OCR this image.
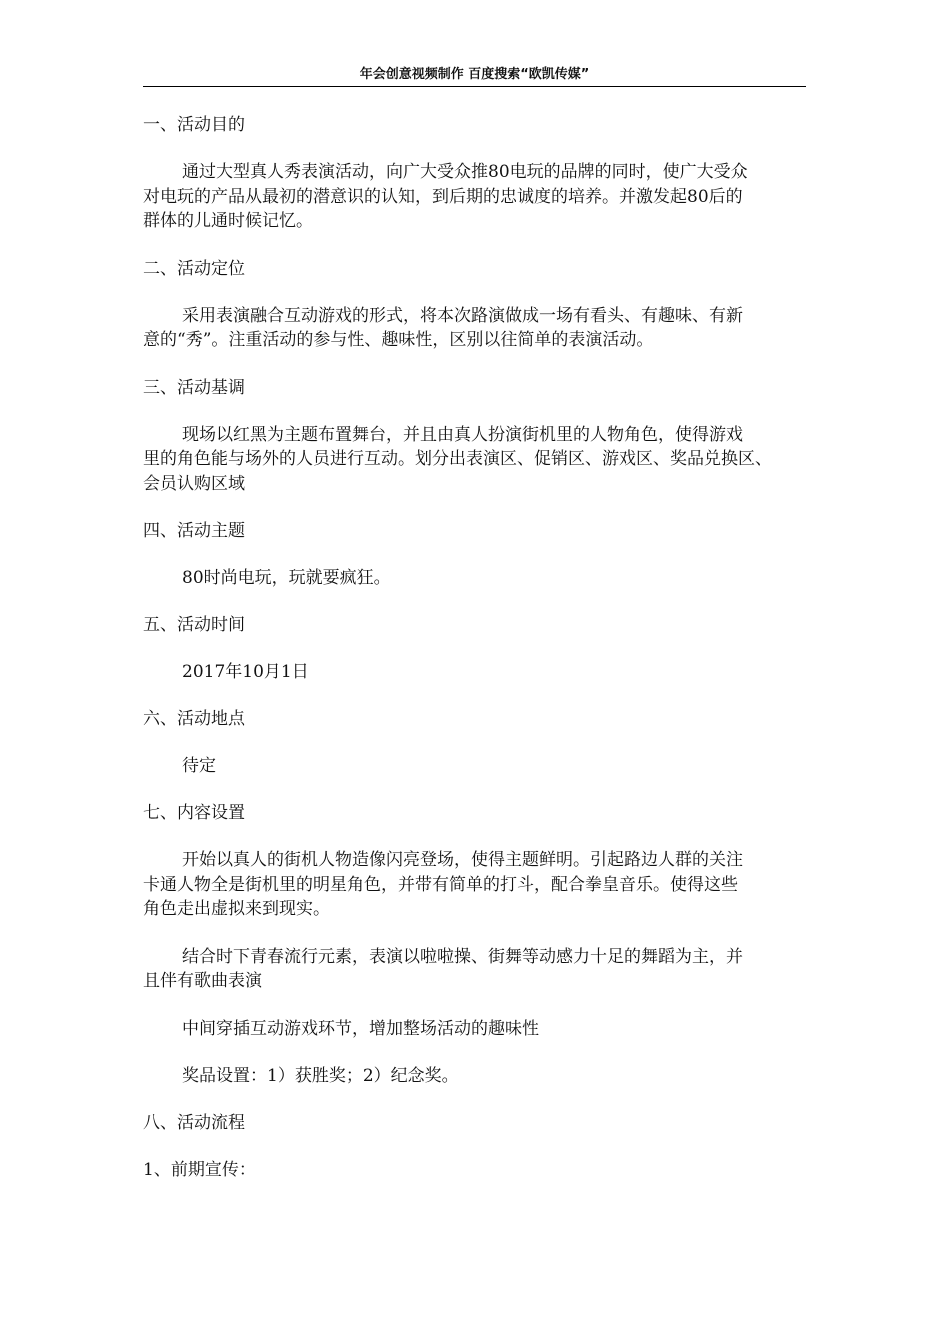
年会创意视频制作 百度搜索“欧凯传媒”
一、活动目的
通过大型真人秀表演活动，向广大受众推80电玩的品牌的同时，使广大受众
对电玩的产品从最初的潜意识的认知，到后期的忠诚度的培养。并激发起80后的
群体的儿通时候记忆。
二、活动定位
采用表演融合互动游戏的形式，将本次路演做成一场有看头、有趣味、有新
意的“秀”。注重活动的参与性、趣味性，区别以往简单的表演活动。
三、活动基调
现场以红黑为主题布置舞台，并且由真人扮演街机里的人物角色，使得游戏
里的角色能与场外的人员进行互动。划分出表演区、促销区、游戏区、奖品兑换区、
会员认购区域
四、活动主题
80时尚电玩，玩就要疯狂。
五、活动时间
2017年10月1日
六、活动地点
待定
七、内容设置
开始以真人的街机人物造像闪亮登场，使得主题鲜明。引起路边人群的关注
卡通人物全是街机里的明星角色，并带有简单的打斗，配合拳皇音乐。使得这些
角色走出虚拟来到现实。
结合时下青春流行元素，表演以啦啦操、街舞等动感力十足的舞蹈为主，并
且伴有歌曲表演
中间穿插互动游戏环节，增加整场活动的趣味性
奖品设置：1）获胜奖；2）纪念奖。
八、活动流程
1、前期宣传：
